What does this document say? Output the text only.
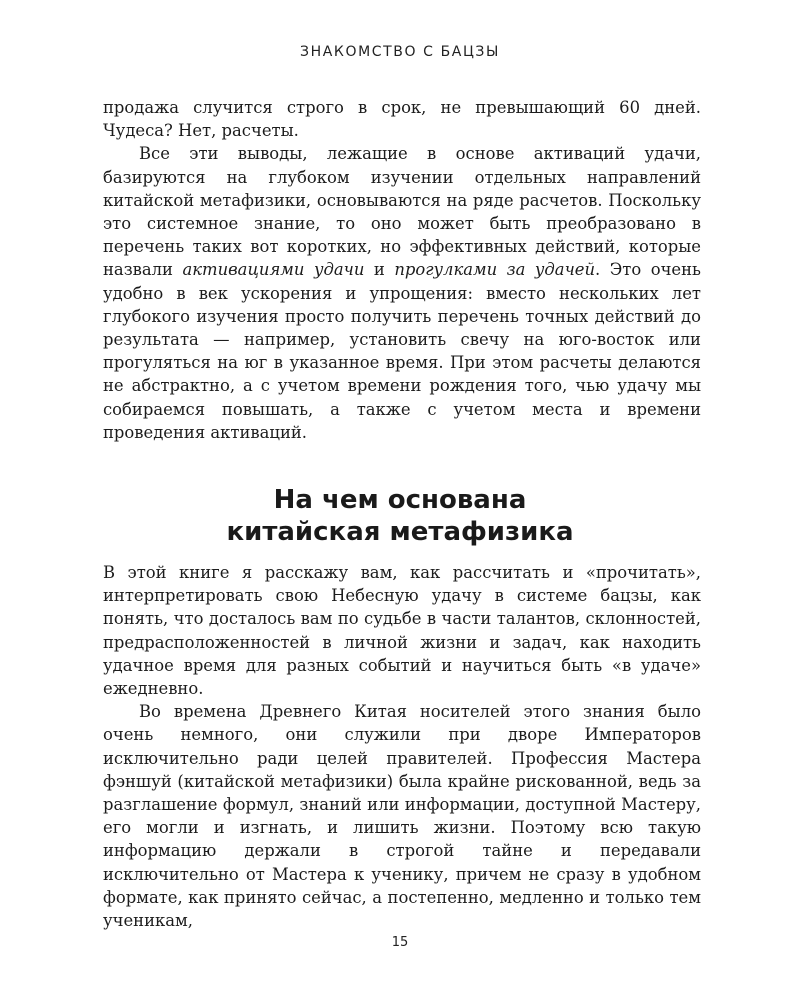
ЗНАКОМСТВО С БАЦЗЫ

продажа случится строго в срок, не превышающий 60 дней. Чудеса? Нет, расчеты.

Все эти выводы, лежащие в основе активаций удачи, базируются на глубоком изучении отдельных направлений китайской метафизики, основываются на ряде расчетов. Поскольку это системное знание, то оно может быть преобразовано в перечень таких вот коротких, но эффективных действий, которые назвали активациями удачи и прогулками за удачей. Это очень удобно в век ускорения и упрощения: вместо нескольких лет глубокого изучения просто получить перечень точных действий до результата — например, установить свечу на юго-восток или прогуляться на юг в указанное время. При этом расчеты делаются не абстрактно, а с учетом времени рождения того, чью удачу мы собираемся повышать, а также с учетом места и времени проведения активаций.

На чем основана
китайская метафизика

В этой книге я расскажу вам, как рассчитать и «прочитать», интерпретировать свою Небесную удачу в системе бацзы, как понять, что досталось вам по судьбе в части талантов, склонностей, предрасположенностей в личной жизни и задач, как находить удачное время для разных событий и научиться быть «в удаче» ежедневно.

Во времена Древнего Китая носителей этого знания было очень немного, они служили при дворе Императоров исключительно ради целей правителей. Профессия Мастера фэншуй (китайской метафизики) была крайне рискованной, ведь за разглашение формул, знаний или информации, доступной Мастеру, его могли и изгнать, и лишить жизни. Поэтому всю такую информацию держали в строгой тайне и передавали исключительно от Мастера к ученику, причем не сразу в удобном формате, как принято сейчас, а постепенно, медленно и только тем ученикам,

15
